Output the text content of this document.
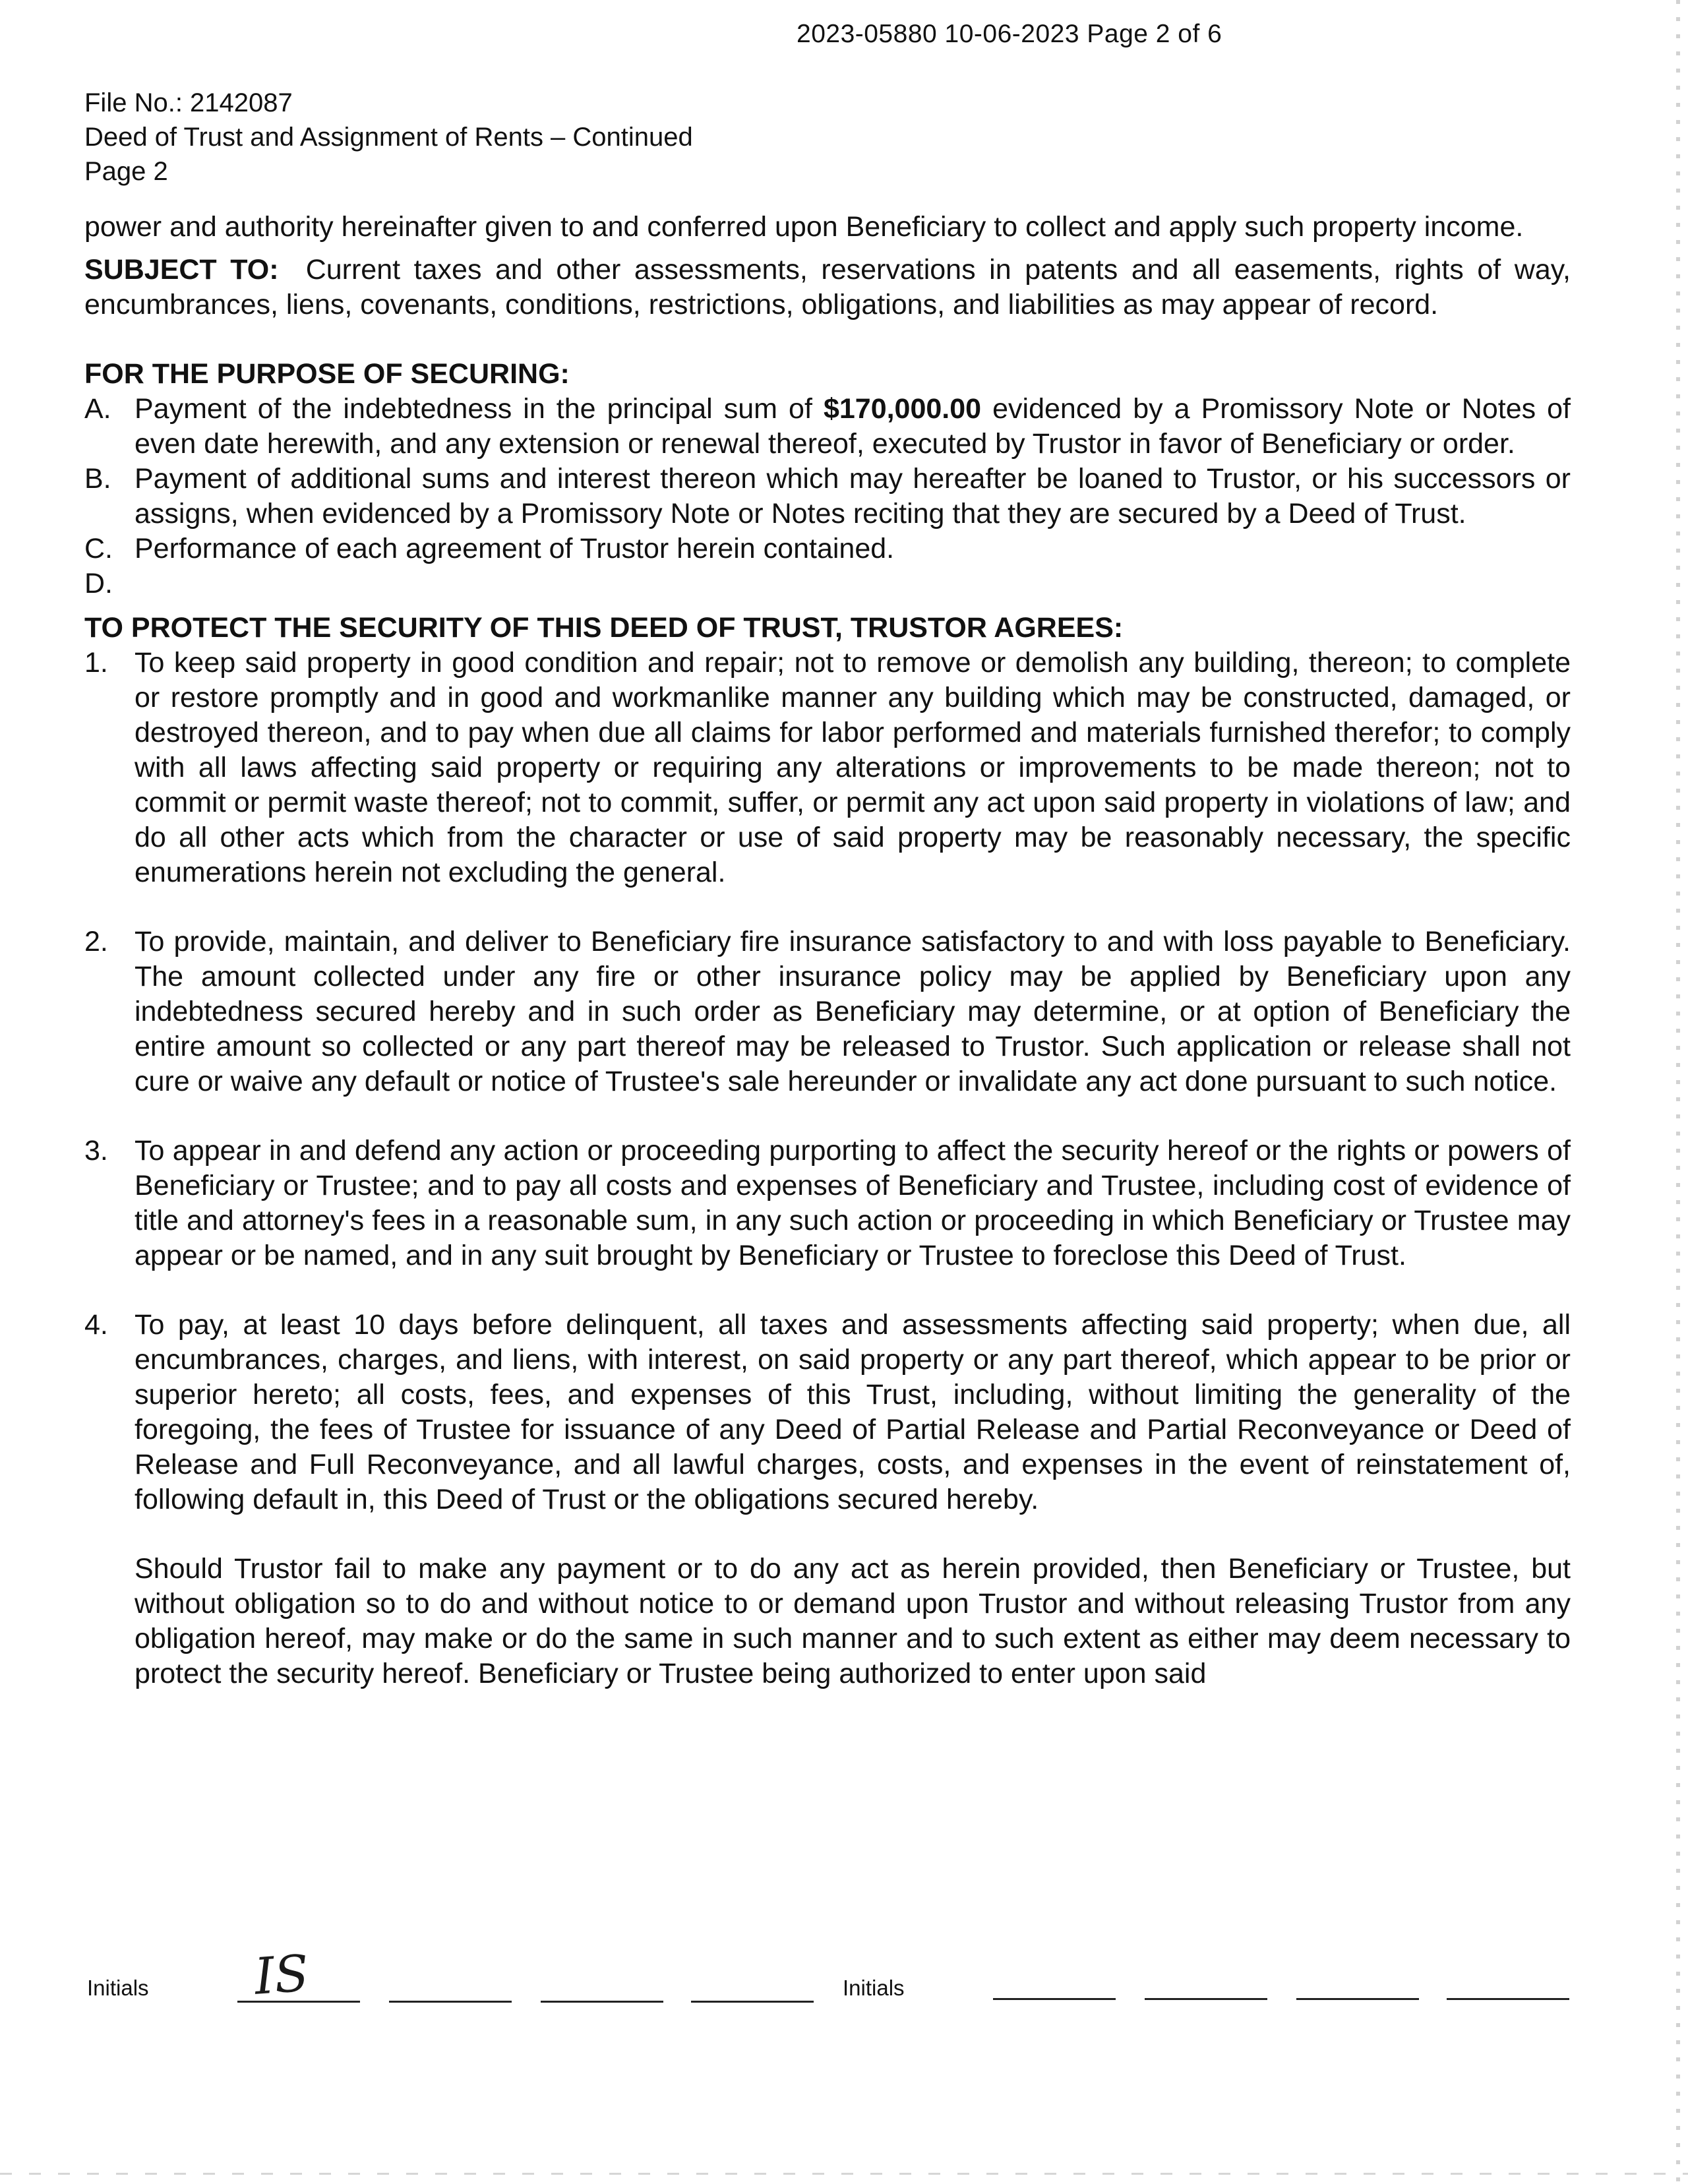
2023-05880 10-06-2023 Page 2 of 6
File No.: 2142087
Deed of Trust and Assignment of Rents – Continued
Page 2

power and authority hereinafter given to and conferred upon Beneficiary to collect and apply such property income.

SUBJECT TO: Current taxes and other assessments, reservations in patents and all easements, rights of way, encumbrances, liens, covenants, conditions, restrictions, obligations, and liabilities as may appear of record.

FOR THE PURPOSE OF SECURING:

A. Payment of the indebtedness in the principal sum of $170,000.00 evidenced by a Promissory Note or Notes of even date herewith, and any extension or renewal thereof, executed by Trustor in favor of Beneficiary or order.
B. Payment of additional sums and interest thereon which may hereafter be loaned to Trustor, or his successors or assigns, when evidenced by a Promissory Note or Notes reciting that they are secured by a Deed of Trust.
C. Performance of each agreement of Trustor herein contained.
D.

TO PROTECT THE SECURITY OF THIS DEED OF TRUST, TRUSTOR AGREES:

1. To keep said property in good condition and repair; not to remove or demolish any building, thereon; to complete or restore promptly and in good and workmanlike manner any building which may be constructed, damaged, or destroyed thereon, and to pay when due all claims for labor performed and materials furnished therefor; to comply with all laws affecting said property or requiring any alterations or improvements to be made thereon; not to commit or permit waste thereof; not to commit, suffer, or permit any act upon said property in violations of law; and do all other acts which from the character or use of said property may be reasonably necessary, the specific enumerations herein not excluding the general.
2. To provide, maintain, and deliver to Beneficiary fire insurance satisfactory to and with loss payable to Beneficiary. The amount collected under any fire or other insurance policy may be applied by Beneficiary upon any indebtedness secured hereby and in such order as Beneficiary may determine, or at option of Beneficiary the entire amount so collected or any part thereof may be released to Trustor. Such application or release shall not cure or waive any default or notice of Trustee's sale hereunder or invalidate any act done pursuant to such notice.
3. To appear in and defend any action or proceeding purporting to affect the security hereof or the rights or powers of Beneficiary or Trustee; and to pay all costs and expenses of Beneficiary and Trustee, including cost of evidence of title and attorney's fees in a reasonable sum, in any such action or proceeding in which Beneficiary or Trustee may appear or be named, and in any suit brought by Beneficiary or Trustee to foreclose this Deed of Trust.
4. To pay, at least 10 days before delinquent, all taxes and assessments affecting said property; when due, all encumbrances, charges, and liens, with interest, on said property or any part thereof, which appear to be prior or superior hereto; all costs, fees, and expenses of this Trust, including, without limiting the generality of the foregoing, the fees of Trustee for issuance of any Deed of Partial Release and Partial Reconveyance or Deed of Release and Full Reconveyance, and all lawful charges, costs, and expenses in the event of reinstatement of, following default in, this Deed of Trust or the obligations secured hereby.

Should Trustor fail to make any payment or to do any act as herein provided, then Beneficiary or Trustee, but without obligation so to do and without notice to or demand upon Trustor and without releasing Trustor from any obligation hereof, may make or do the same in such manner and to such extent as either may deem necessary to protect the security hereof. Beneficiary or Trustee being authorized to enter upon said

Initials	Initials
IS
